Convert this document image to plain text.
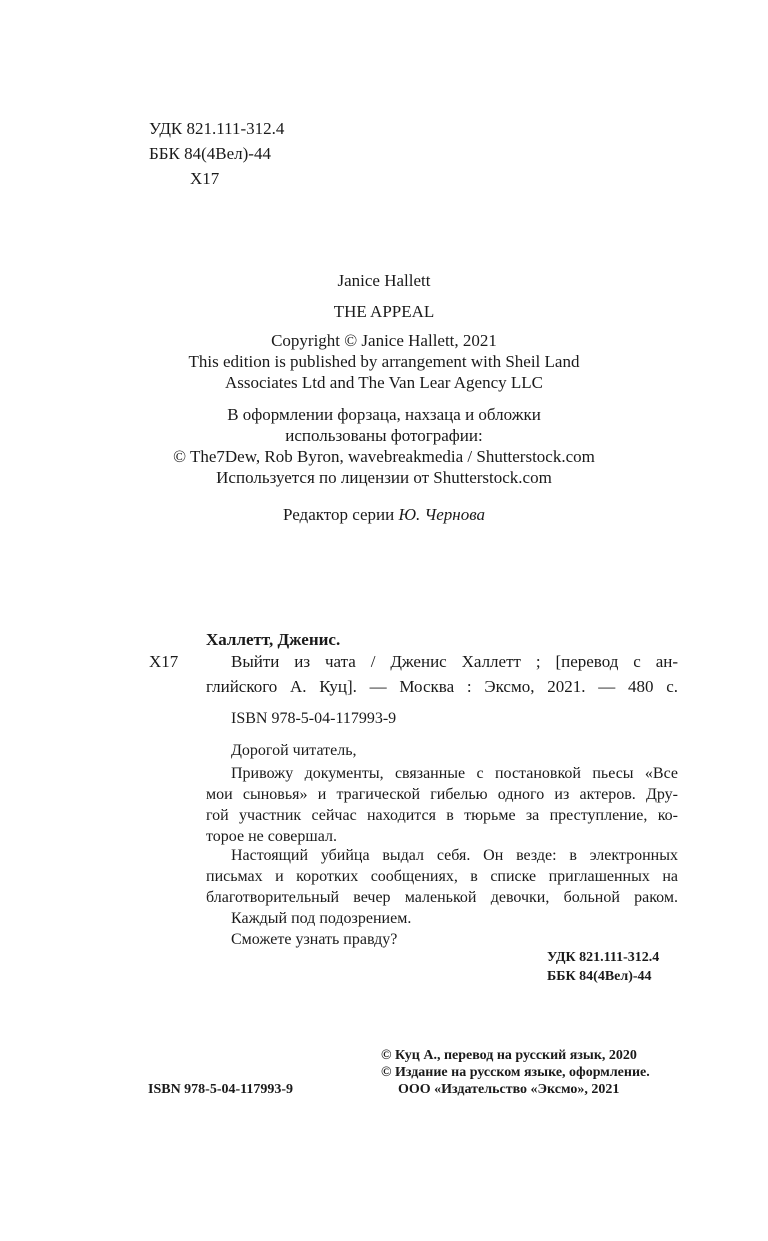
УДК 821.111-312.4
ББК 84(4Вел)-44
Х17
Janice Hallett
THE APPEAL
Copyright © Janice Hallett, 2021
This edition is published by arrangement with Sheil Land
Associates Ltd and The Van Lear Agency LLC
В оформлении форзаца, нахзаца и обложки
использованы фотографии:
© The7Dew, Rob Byron, wavebreakmedia / Shutterstock.com
Используется по лицензии от Shutterstock.com
Редактор серии Ю. Чернова
Халлетт, Дженис.
Х17	Выйти из чата / Дженис Халлетт ; [перевод с ан-
глийского А. Куц]. — Москва : Эксмо, 2021. — 480 с.
ISBN 978-5-04-117993-9
Дорогой читатель,
Привожу документы, связанные с постановкой пьесы «Все
мои сыновья» и трагической гибелью одного из актеров. Дру-
гой участник сейчас находится в тюрьме за преступление, ко-
торое не совершал.
Настоящий убийца выдал себя. Он везде: в электронных
письмах и коротких сообщениях, в списке приглашенных на
благотворительный вечер маленькой девочки, больной раком.
Каждый под подозрением.
Сможете узнать правду?
УДК 821.111-312.4
ББК 84(4Вел)-44
© Куц А., перевод на русский язык, 2020
© Издание на русском языке, оформление.
ISBN 978-5-04-117993-9	ООО «Издательство «Эксмо», 2021
